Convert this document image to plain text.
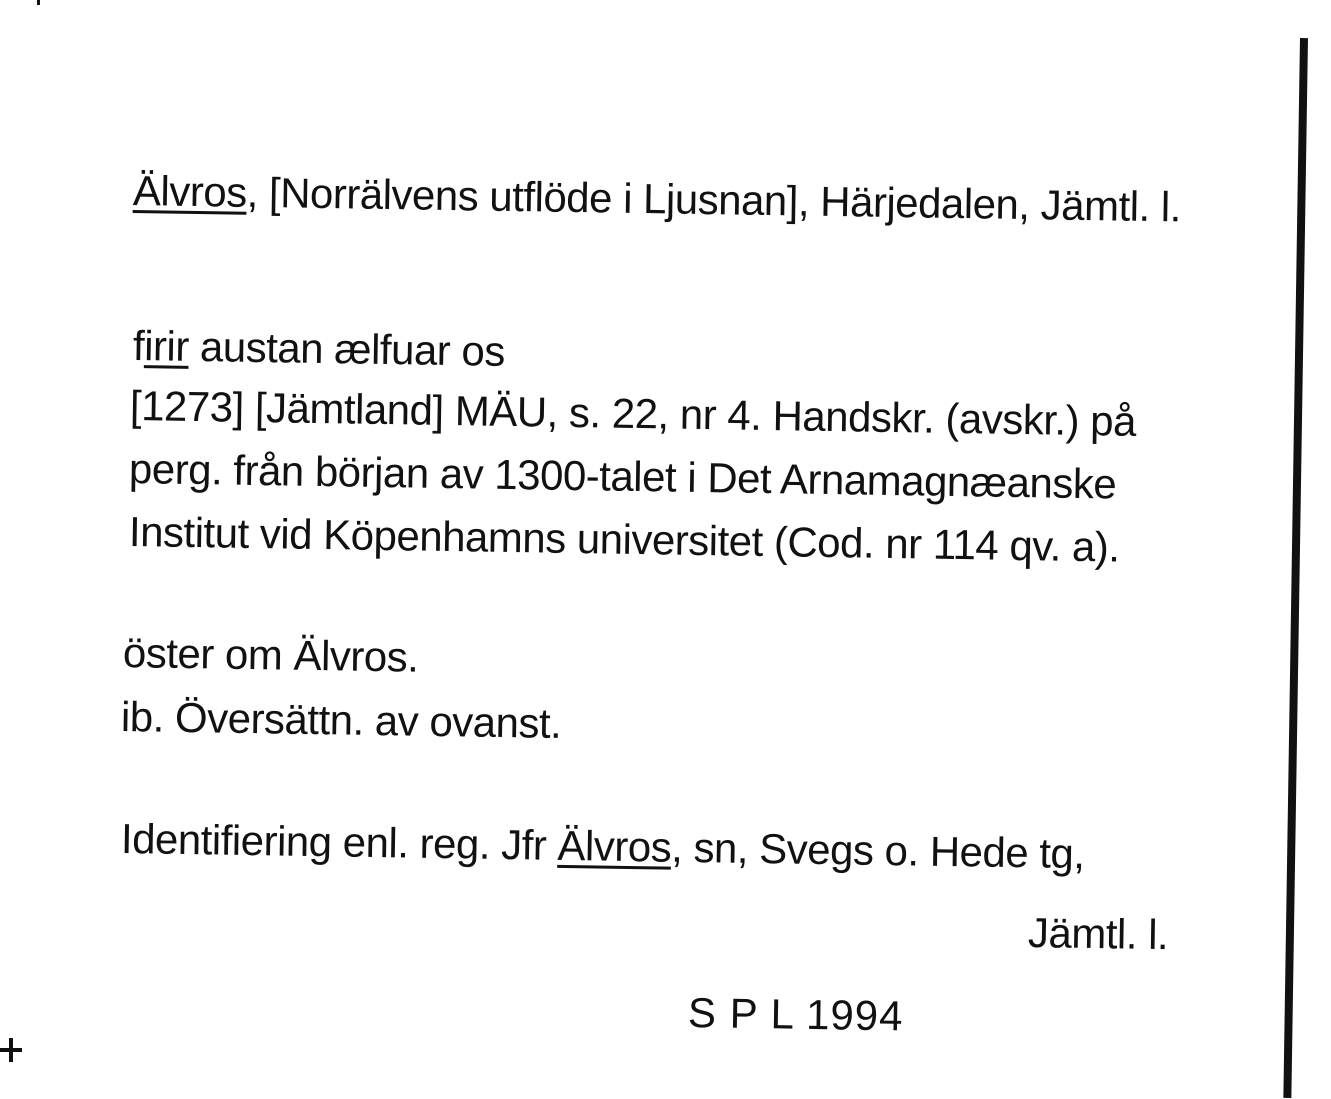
Älvros, [Norrälvens utflöde i Ljusnan], Härjedalen, Jämtl. l.
firir austan ælfuar os
[1273] [Jämtland] MÄU, s. 22, nr 4. Handskr. (avskr.) på
perg. från början av 1300-talet i Det Arnamagnæanske
Institut vid Köpenhamns universitet (Cod. nr 114 qv. a).
öster om Älvros.
ib. Översättn. av ovanst.
Identifiering enl. reg. Jfr Älvros, sn, Svegs o. Hede tg,
Jämtl. l.
S P L 1994
